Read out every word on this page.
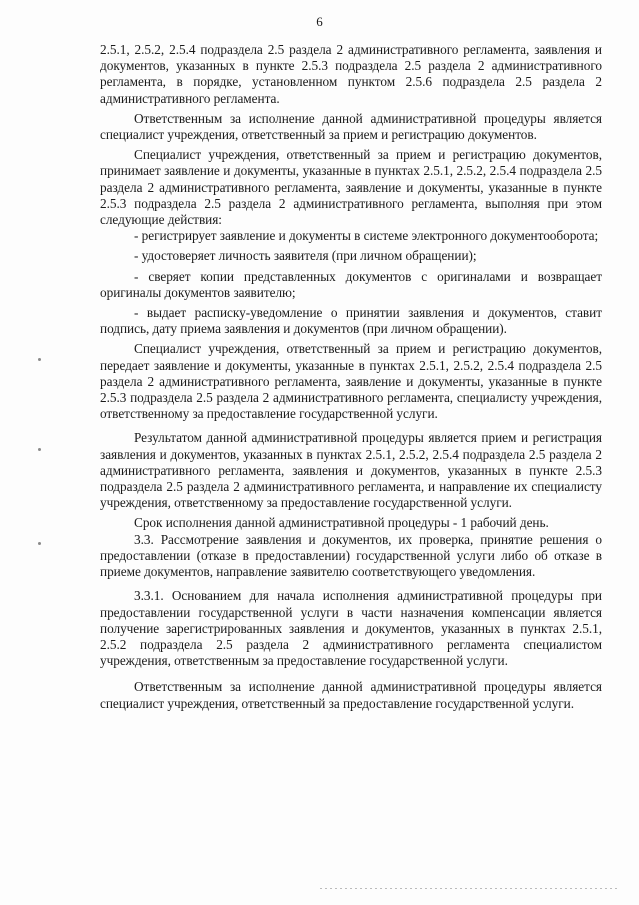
6

2.5.1, 2.5.2, 2.5.4 подраздела 2.5 раздела 2 административного регламента, заявления и документов, указанных в пункте 2.5.3 подраздела 2.5 раздела 2 административного регламента, в порядке, установленном пунктом 2.5.6 подраздела 2.5 раздела 2 административного регламента.

Ответственным за исполнение данной административной процедуры является специалист учреждения, ответственный за прием и регистрацию документов.

Специалист учреждения, ответственный за прием и регистрацию документов, принимает заявление и документы, указанные в пунктах 2.5.1, 2.5.2, 2.5.4 подраздела 2.5 раздела 2 административного регламента, заявление и документы, указанные в пункте 2.5.3 подраздела 2.5 раздела 2 административного регламента, выполняя при этом следующие действия:

- регистрирует заявление и документы в системе электронного документооборота;

- удостоверяет личность заявителя (при личном обращении);

- сверяет копии представленных документов с оригиналами и возвращает оригиналы документов заявителю;

- выдает расписку-уведомление о принятии заявления и документов, ставит подпись, дату приема заявления и документов (при личном обращении).

Специалист учреждения, ответственный за прием и регистрацию документов, передает заявление и документы, указанные в пунктах 2.5.1, 2.5.2, 2.5.4 подраздела 2.5 раздела 2 административного регламента, заявление и документы, указанные в пункте 2.5.3 подраздела 2.5 раздела 2 административного регламента, специалисту учреждения, ответственному за предоставление государственной услуги.

Результатом данной административной процедуры является прием и регистрация заявления и документов, указанных в пунктах 2.5.1, 2.5.2, 2.5.4 подраздела 2.5 раздела 2 административного регламента, заявления и документов, указанных в пункте 2.5.3 подраздела 2.5 раздела 2 административного регламента, и направление их специалисту учреждения, ответственному за предоставление государственной услуги.

Срок исполнения данной административной процедуры - 1 рабочий день.

3.3. Рассмотрение заявления и документов, их проверка, принятие решения о предоставлении (отказе в предоставлении) государственной услуги либо об отказе в приеме документов, направление заявителю соответствующего уведомления.

3.3.1. Основанием для начала исполнения административной процедуры при предоставлении государственной услуги в части назначения компенсации является получение зарегистрированных заявления и документов, указанных в пунктах 2.5.1, 2.5.2 подраздела 2.5 раздела 2 административного регламента специалистом учреждения, ответственным за предоставление государственной услуги.

Ответственным за исполнение данной административной процедуры является специалист учреждения, ответственный за предоставление государственной услуги.
